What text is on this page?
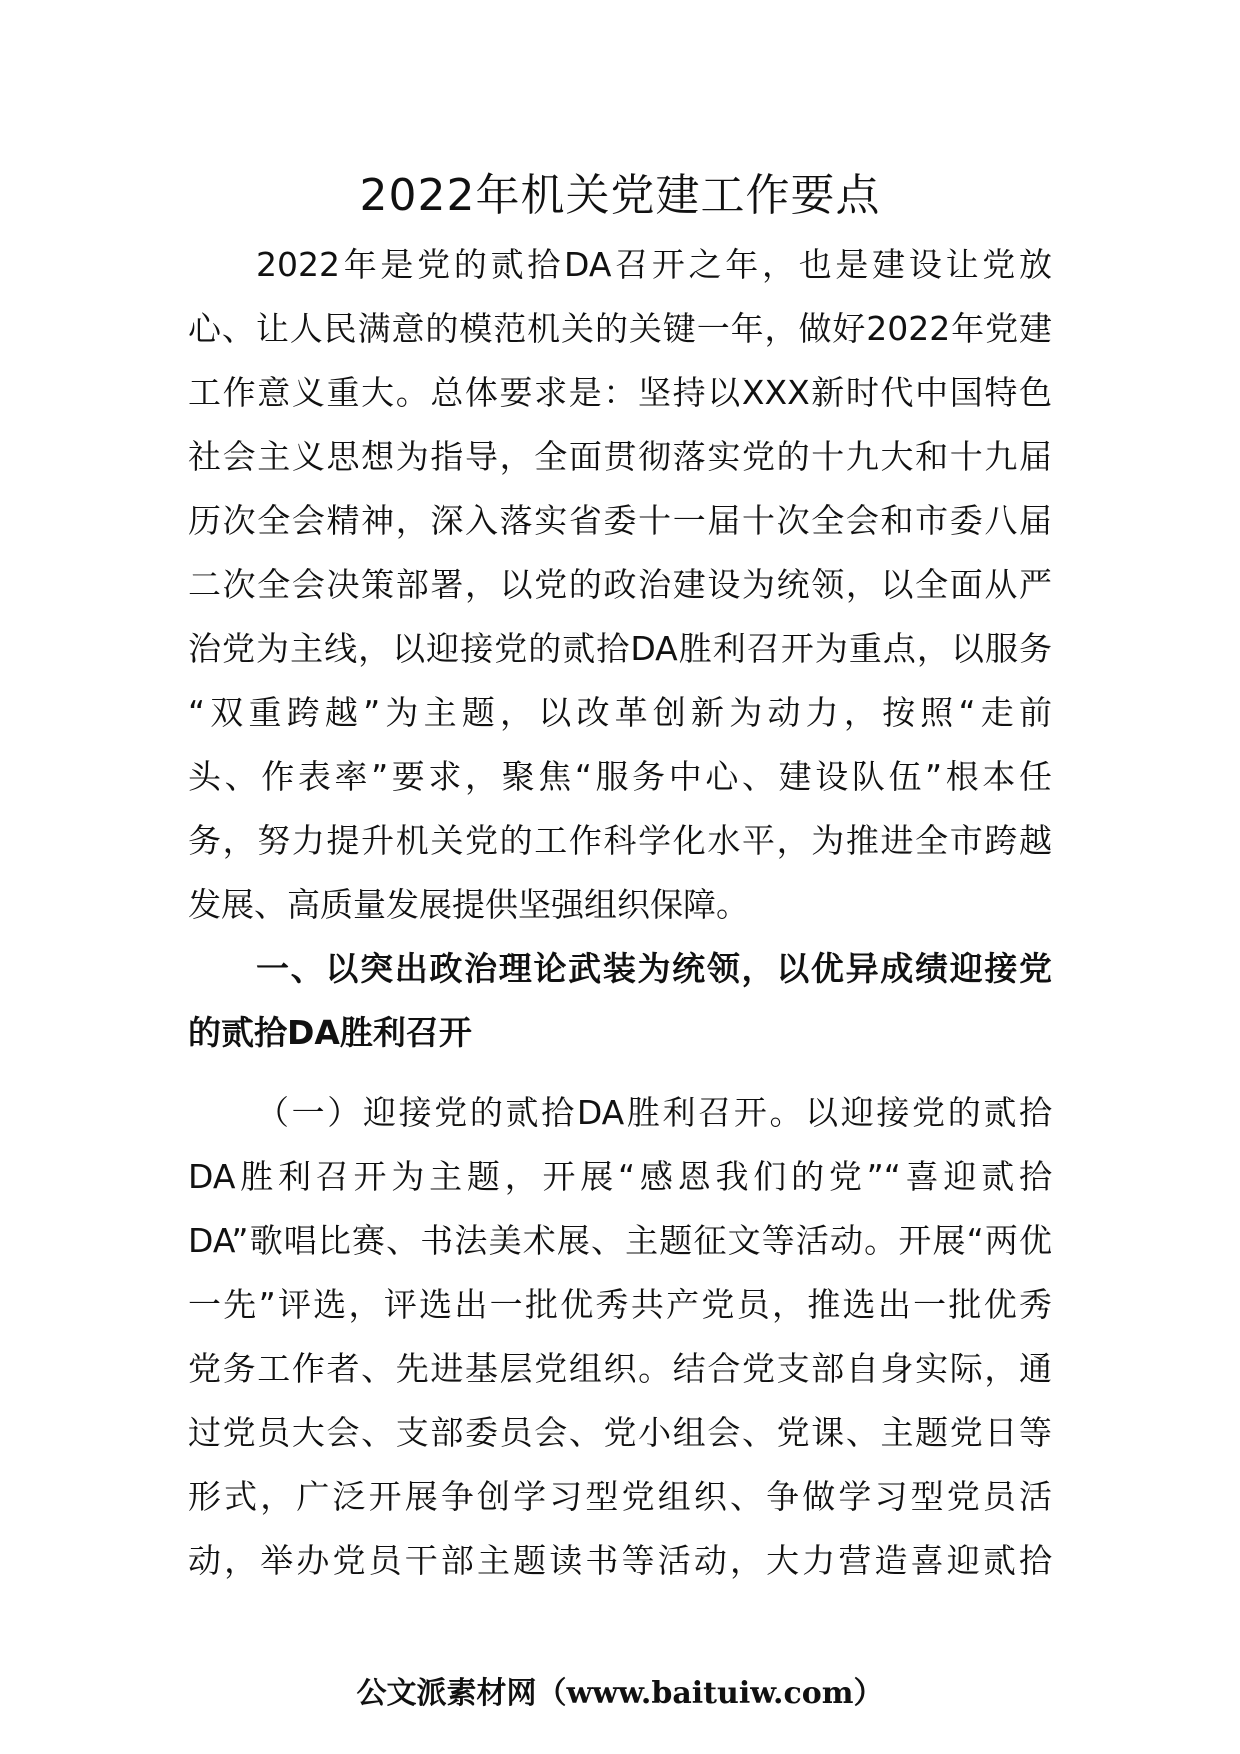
2022年机关党建工作要点
2022年是党的贰拾DA召开之年，也是建设让党放
心、让人民满意的模范机关的关键一年，做好2022年党建
工作意义重大。总体要求是：坚持以XXX新时代中国特色
社会主义思想为指导，全面贯彻落实党的十九大和十九届
历次全会精神，深入落实省委十一届十次全会和市委八届
二次全会决策部署，以党的政治建设为统领，以全面从严
治党为主线，以迎接党的贰拾DA胜利召开为重点，以服务
“双重跨越”为主题，以改革创新为动力，按照“走前
头、作表率”要求，聚焦“服务中心、建设队伍”根本任
务，努力提升机关党的工作科学化水平，为推进全市跨越
发展、高质量发展提供坚强组织保障。
一、以突出政治理论武装为统领，以优异成绩迎接党
的贰拾DA胜利召开
（一）迎接党的贰拾DA胜利召开。以迎接党的贰拾
DA胜利召开为主题，开展“感恩我们的党”“喜迎贰拾
DA”歌唱比赛、书法美术展、主题征文等活动。开展“两优
一先”评选，评选出一批优秀共产党员，推选出一批优秀
党务工作者、先进基层党组织。结合党支部自身实际，通
过党员大会、支部委员会、党小组会、党课、主题党日等
形式，广泛开展争创学习型党组织、争做学习型党员活
动，举办党员干部主题读书等活动，大力营造喜迎贰拾
公文派素材网（www.baituiw.com）
